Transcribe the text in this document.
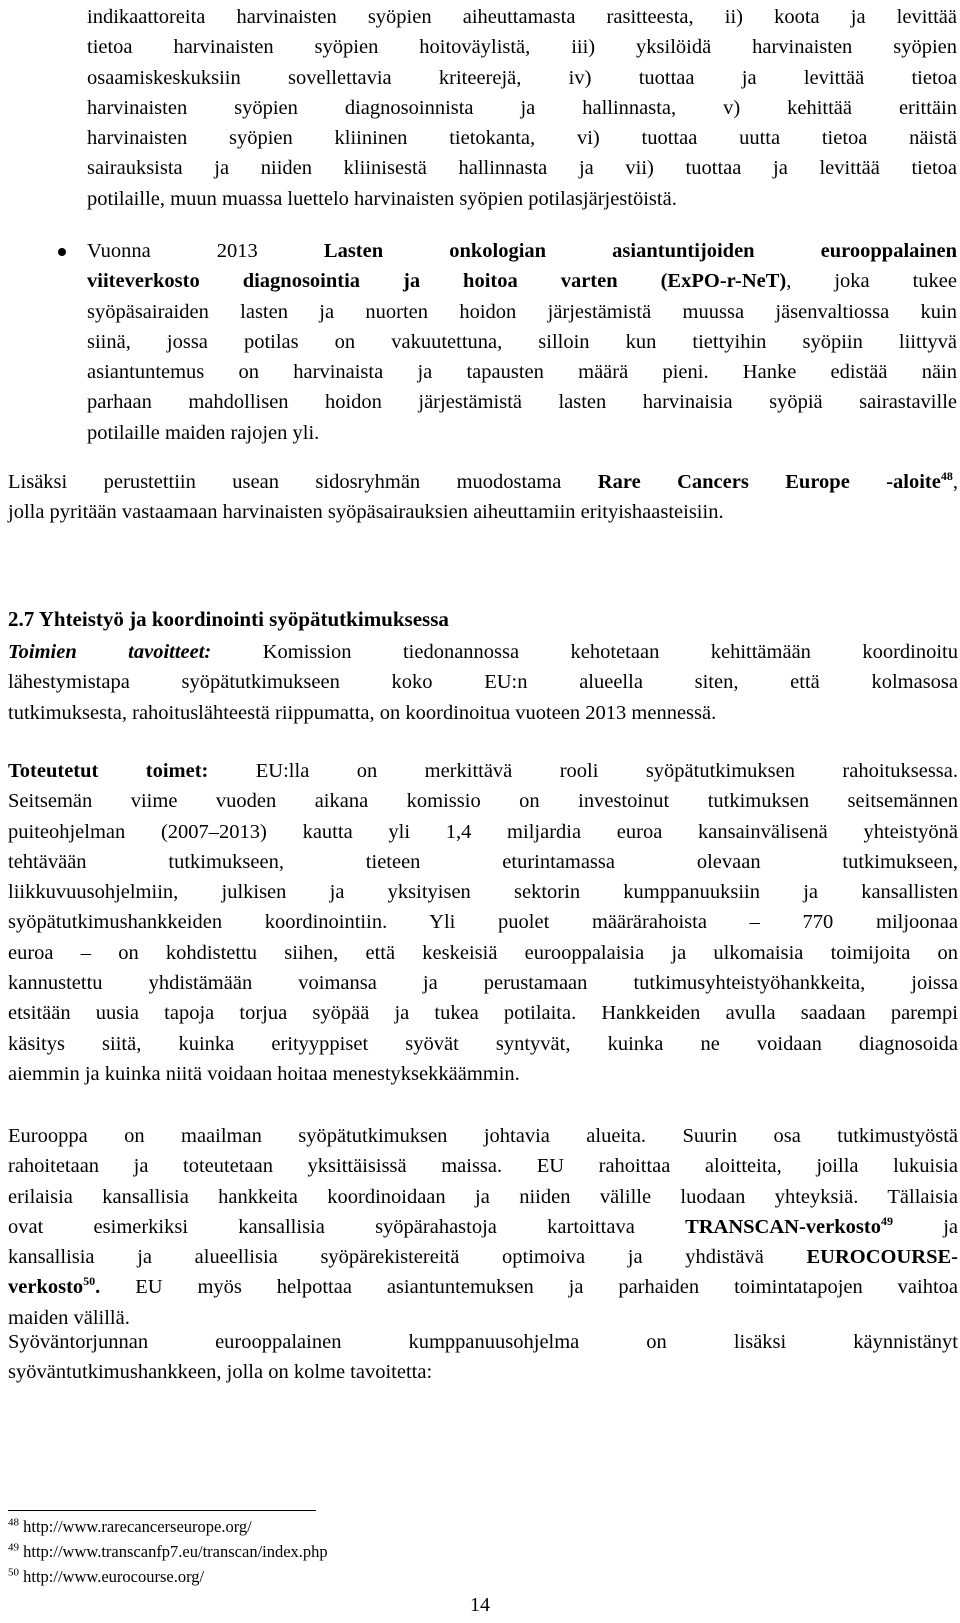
indikaattoreita harvinaisten syöpien aiheuttamasta rasitteesta, ii) koota ja levittää
tietoa harvinaisten syöpien hoitoväylistä, iii) yksilöidä harvinaisten syöpien
osaamiskeskuksiin sovellettavia kriteerejä, iv) tuottaa ja levittää tietoa
harvinaisten syöpien diagnosoinnista ja hallinnasta, v) kehittää erittäin
harvinaisten syöpien kliininen tietokanta, vi) tuottaa uutta tietoa näistä
sairauksista ja niiden kliinisestä hallinnasta ja vii) tuottaa ja levittää tietoa
potilaille, muun muassa luettelo harvinaisten syöpien potilasjärjestöistä.
Vuonna 2013 Lasten onkologian asiantuntijoiden eurooppalainen
viiteverkosto diagnosointia ja hoitoa varten (ExPO-r-NeT), joka tukee
syöpäsairaiden lasten ja nuorten hoidon järjestämistä muussa jäsenvaltiossa kuin
siinä, jossa potilas on vakuutettuna, silloin kun tiettyihin syöpiin liittyvä
asiantuntemus on harvinaista ja tapausten määrä pieni. Hanke edistää näin
parhaan mahdollisen hoidon järjestämistä lasten harvinaisia syöpiä sairastaville
potilaille maiden rajojen yli.
Lisäksi perustettiin usean sidosryhmän muodostama Rare Cancers Europe -aloite$^{48}$,
jolla pyritään vastaamaan harvinaisten syöpäsairauksien aiheuttamiin erityishaasteisiin.

2.7 Yhteistyö ja koordinointi syöpätutkimuksessa

Toimien tavoitteet: Komission tiedonannossa kehotetaan kehittämään koordinoitu
lähestymistapa syöpätutkimukseen koko EU:n alueella siten, että kolmasosa
tutkimuksesta, rahoituslähteestä riippumatta, on koordinoitua vuoteen 2013 mennessä.
Toteutetut toimet: EU:lla on merkittävä rooli syöpätutkimuksen rahoituksessa.
Seitsemän viime vuoden aikana komissio on investoinut tutkimuksen seitsemännen
puiteohjelman (2007–2013) kautta yli 1,4 miljardia euroa kansainvälisenä yhteistyönä
tehtävään tutkimukseen, tieteen eturintamassa olevaan tutkimukseen,
liikkuvuusohjelmiin, julkisen ja yksityisen sektorin kumppanuuksiin ja kansallisten
syöpätutkimushankkeiden koordinointiin. Yli puolet määrärahoista – 770 miljoonaa
euroa – on kohdistettu siihen, että keskeisiä eurooppalaisia ja ulkomaisia toimijoita on
kannustettu yhdistämään voimansa ja perustamaan tutkimusyhteistyöhankkeita, joissa
etsitään uusia tapoja torjua syöpää ja tukea potilaita. Hankkeiden avulla saadaan parempi
käsitys siitä, kuinka erityyppiset syövät syntyvät, kuinka ne voidaan diagnosoida
aiemmin ja kuinka niitä voidaan hoitaa menestyksekkäämmin.
Eurooppa on maailman syöpätutkimuksen johtavia alueita. Suurin osa tutkimustyöstä
rahoitetaan ja toteutetaan yksittäisissä maissa. EU rahoittaa aloitteita, joilla lukuisia
erilaisia kansallisia hankkeita koordinoidaan ja niiden välille luodaan yhteyksiä. Tällaisia
ovat esimerkiksi kansallisia syöpärahastoja kartoittava TRANSCAN-verkosto$^{49}$ ja
kansallisia ja alueellisia syöpärekistereitä optimoiva ja yhdistävä EUROCOURSE-
verkosto$^{50}$. EU myös helpottaa asiantuntemuksen ja parhaiden toimintatapojen vaihtoa
maiden välillä.
Syöväntorjunnan eurooppalainen kumppanuusohjelma on lisäksi käynnistänyt
syöväntutkimushankkeen, jolla on kolme tavoitetta:

$^{48}$ http://www.rarecancerseurope.org/

$^{49}$ http://www.transcanfp7.eu/transcan/index.php

$^{50}$ http://www.eurocourse.org/

14
